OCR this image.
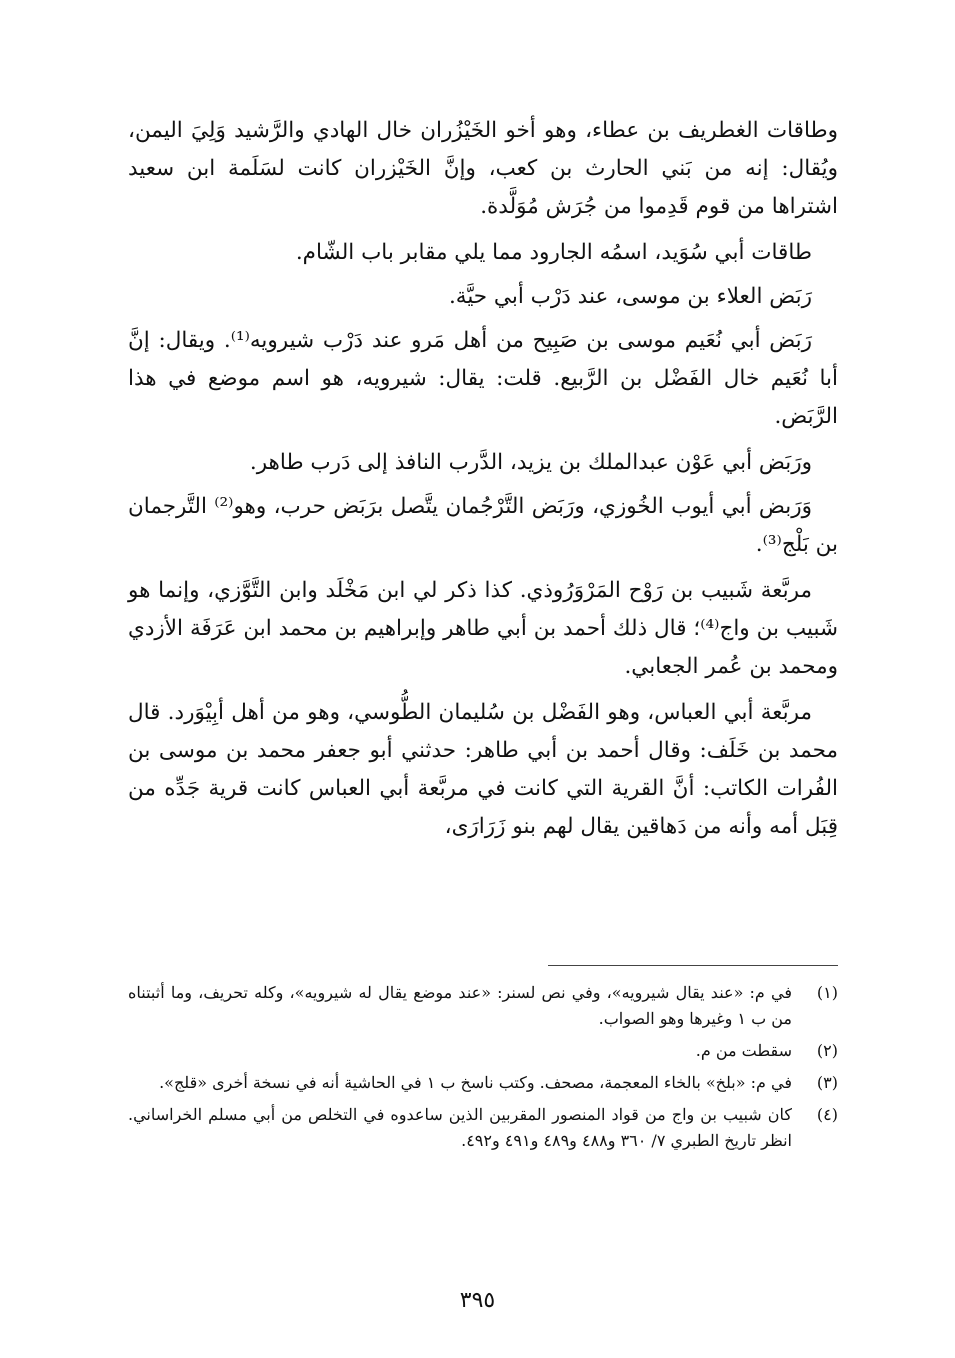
وطاقات الغطريف بن عطاء، وهو أخو الخَيْزُران خال الهادي والرَّشيد وَلِيَ اليمن، ويُقال: إنه من بَني الحارث بن كعب، وإنَّ الخَيْزران كانت لسَلَمة ابن سعيد اشتراها من قوم قَدِموا من جُرَش مُوَلَّدة.

طاقات أبي سُوَيد، اسمُه الجارود مما يلي مقابر باب الشّام.

رَبَض العلاء بن موسى، عند دَرْب أبي حيَّة.

رَبَض أبي نُعَيم موسى بن صَبِيح من أهل مَرو عند دَرْب شيرويه⁽¹⁾. ويقال: إنَّ أبا نُعَيم خال الفَضْل بن الرَّبيع. قلت: يقال: شيرويه، هو اسم موضع في هذا الرَّبَض.

ورَبَض أبي عَوْن عبدالملك بن يزيد، الدَّرب النافذ إلى دَرب طاهر.

وَرَبض أبي أيوب الخُوزي، ورَبَض التَّرْجُمان يتَّصل برَبَض حرب، وهو⁽²⁾ التَّرجمان بن بَلْج⁽³⁾.

مربَّعة شَبيب بن رَوْح المَرْوَرُوذي. كذا ذكر لي ابن مَخْلَد وابن التَّوَّزي، وإنما هو شَبيب بن واج⁽⁴⁾؛ قال ذلك أحمد بن أبي طاهر وإبراهيم بن محمد ابن عَرَفَة الأزدي ومحمد بن عُمر الجعابي.

مربَّعة أبي العباس، وهو الفَضْل بن سُليمان الطُّوسي، وهو من أهل أبِيْوَرد. قال محمد بن خَلَف: وقال أحمد بن أبي طاهر: حدثني أبو جعفر محمد بن موسى بن الفُرات الكاتب: أنَّ القرية التي كانت في مربَّعة أبي العباس كانت قرية جَدِّه من قِبَل أمه وأنه من دَهاقين يقال لهم بنو زَرَارَى،

(١)
في م: «عند يقال شيرويه»، وفي نص لسنر: «عند موضع يقال له شيرويه»، وكله تحريف، وما أثبتناه من ب ١ وغيرها وهو الصواب.
(٢)
سقطت من م.
(٣)
في م: «بلخ» بالخاء المعجمة، مصحف. وكتب ناسخ ب ١ في الحاشية أنه في نسخة أخرى «قلج».
(٤)
كان شبيب بن واج من قواد المنصور المقربين الذين ساعدوه في التخلص من أبي مسلم الخراساني. انظر تاريخ الطبري ٧/ ٣٦٠ و٤٨٨ و٤٨٩ و٤٩١ و٤٩٢.
٣٩٥
